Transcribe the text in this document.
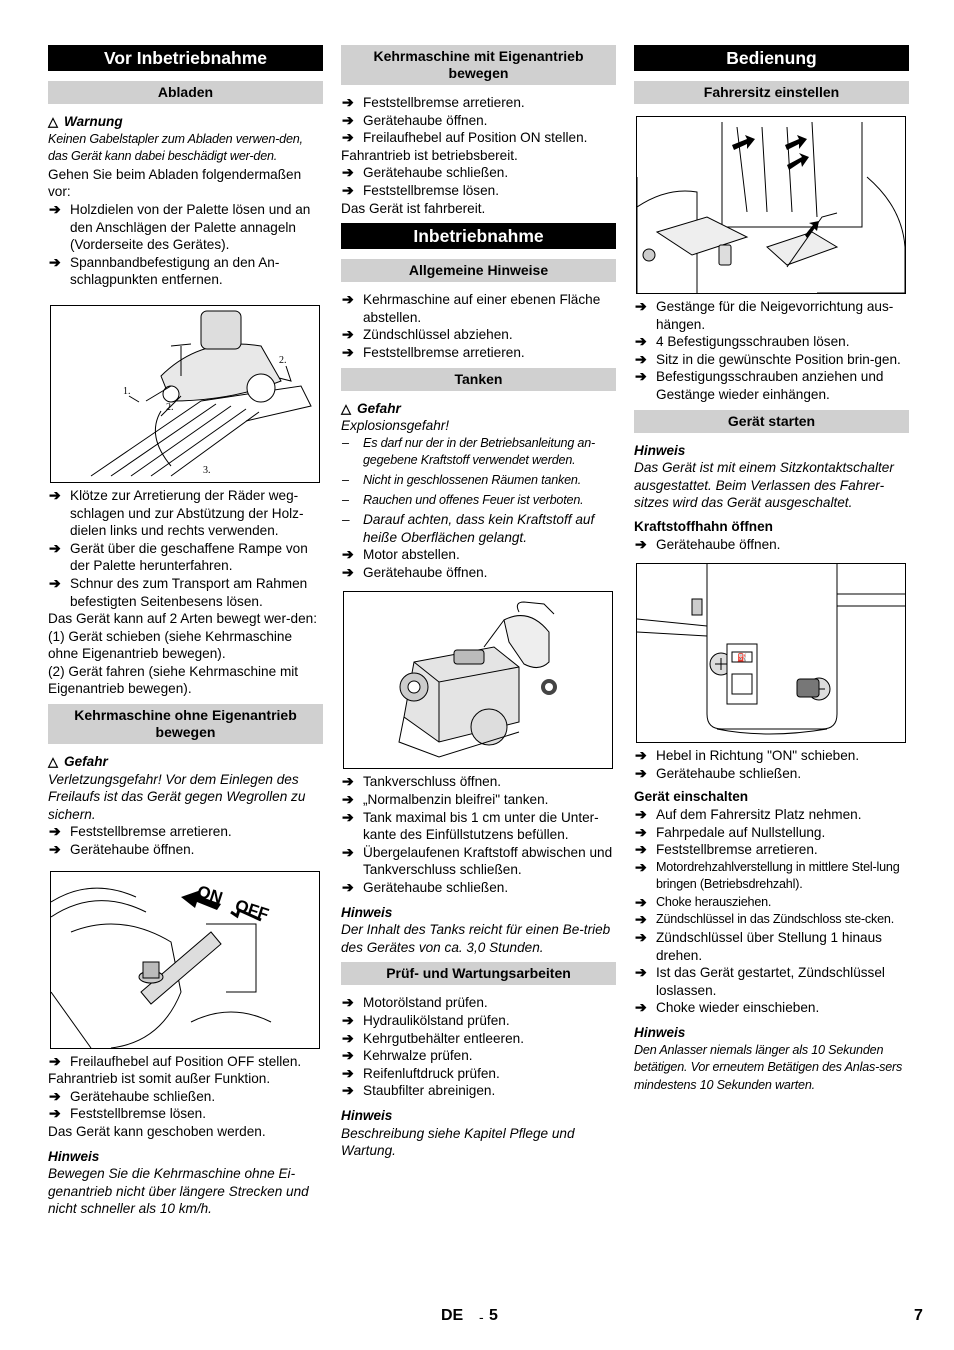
Vor Inbetriebnahme
Abladen
△ Warnung

Keinen Gabelstapler zum Abladen verwen-den, das Gerät kann dabei beschädigt wer-den.

Gehen Sie beim Abladen folgendermaßen vor:

➔ Holzdielen von der Palette lösen und an den Anschlägen der Palette annageln (Vorderseite des Gerätes).
➔ Spannbandbefestigung an den An-schlagpunkten entfernen.
1.
2.
2.
3.
➔ Klötze zur Arretierung der Räder weg-schlagen und zur Abstützung der Holz-dielen links und rechts verwenden.
➔ Gerät über die geschaffene Rampe von der Palette herunterfahren.
➔ Schnur des zum Transport am Rahmen befestigten Seitenbesens lösen.

Das Gerät kann auf 2 Arten bewegt wer-den:

(1) Gerät schieben (siehe Kehrmaschine ohne Eigenantrieb bewegen).

(2) Gerät fahren (siehe Kehrmaschine mit Eigenantrieb bewegen).

Kehrmaschine ohne Eigenantrieb bewegen
△ Gefahr

Verletzungsgefahr! Vor dem Einlegen des Freilaufs ist das Gerät gegen Wegrollen zu sichern.

➔ Feststellbremse arretieren.
➔ Gerätehaube öffnen.
ON
OFF
➔ Freilaufhebel auf Position OFF stellen.

Fahrantrieb ist somit außer Funktion.

➔ Gerätehaube schließen.
➔ Feststellbremse lösen.

Das Gerät kann geschoben werden.

Hinweis

Bewegen Sie die Kehrmaschine ohne Ei-genantrieb nicht über längere Strecken und nicht schneller als 10 km/h.

Kehrmaschine mit Eigenantrieb bewegen
➔ Feststellbremse arretieren.
➔ Gerätehaube öffnen.
➔ Freilaufhebel auf Position ON stellen.

Fahrantrieb ist betriebsbereit.

➔ Gerätehaube schließen.
➔ Feststellbremse lösen.

Das Gerät ist fahrbereit.

Inbetriebnahme
Allgemeine Hinweise
➔ Kehrmaschine auf einer ebenen Fläche abstellen.
➔ Zündschlüssel abziehen.
➔ Feststellbremse arretieren.
Tanken
△ Gefahr

Explosionsgefahr!

– Es darf nur der in der Betriebsanleitung an-gegebene Kraftstoff verwendet werden.
– Nicht in geschlossenen Räumen tanken.
– Rauchen und offenes Feuer ist verboten.
– Darauf achten, dass kein Kraftstoff auf heiße Oberflächen gelangt.
➔ Motor abstellen.
➔ Gerätehaube öffnen.
➔ Tankverschluss öffnen.
➔ „Normalbenzin bleifrei" tanken.
➔ Tank maximal bis 1 cm unter die Unter-kante des Einfüllstutzens befüllen.
➔ Übergelaufenen Kraftstoff abwischen und Tankverschluss schließen.
➔ Gerätehaube schließen.
Hinweis

Der Inhalt des Tanks reicht für einen Be-trieb des Gerätes von ca. 3,0 Stunden.

Prüf- und Wartungsarbeiten
➔ Motorölstand prüfen.
➔ Hydraulikölstand prüfen.
➔ Kehrgutbehälter entleeren.
➔ Kehrwalze prüfen.
➔ Reifenluftdruck prüfen.
➔ Staubfilter abreinigen.
Hinweis

Beschreibung siehe Kapitel Pflege und Wartung.

Bedienung
Fahrersitz einstellen
➔ Gestänge für die Neigevorrichtung aus-hängen.
➔ 4 Befestigungsschrauben lösen.
➔ Sitz in die gewünschte Position brin-gen.
➔ Befestigungsschrauben anziehen und Gestänge wieder einhängen.
Gerät starten
Hinweis

Das Gerät ist mit einem Sitzkontaktschalter ausgestattet. Beim Verlassen des Fahrer-sitzes wird das Gerät ausgeschaltet.

Kraftstoffhahn öffnen
➔ Gerätehaube öffnen.
⛽
➔ Hebel in Richtung "ON" schieben.
➔ Gerätehaube schließen.
Gerät einschalten
➔ Auf dem Fahrersitz Platz nehmen.
➔ Fahrpedale auf Nullstellung.
➔ Feststellbremse arretieren.
➔ Motordrehzahlverstellung in mittlere Stel-lung bringen (Betriebsdrehzahl).
➔ Choke herausziehen.
➔ Zündschlüssel in das Zündschloss ste-cken.
➔ Zündschlüssel über Stellung 1 hinaus drehen.
➔ Ist das Gerät gestartet, Zündschlüssel loslassen.
➔ Choke wieder einschieben.
Hinweis

Den Anlasser niemals länger als 10 Sekunden betätigen. Vor erneutem Betätigen des Anlas-sers mindestens 10 Sekunden warten.

DE - 5	7
